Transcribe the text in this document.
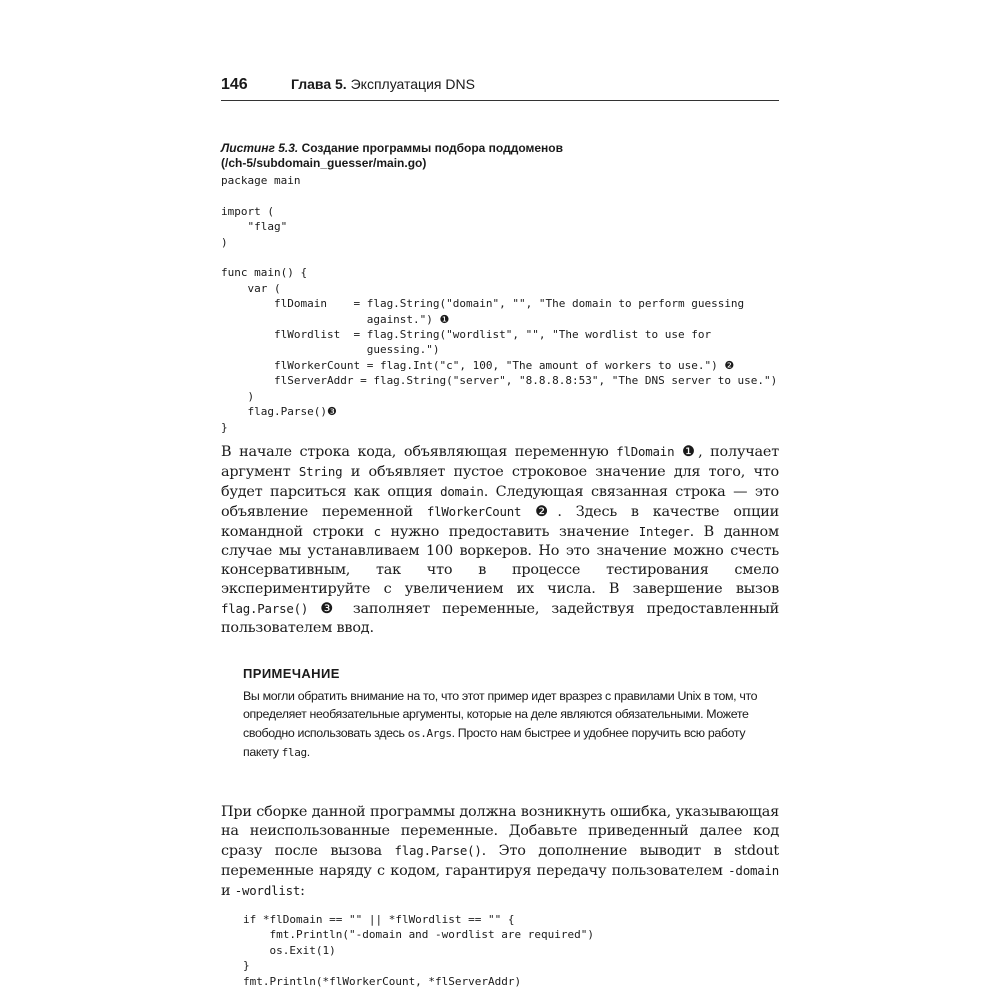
146	Глава 5. Эксплуатация DNS
Листинг 5.3. Создание программы подбора поддоменов
(/ch-5/subdomain_guesser/main.go)
package main

import (
"flag"
)

func main() {
var (
flDomain    = flag.String("domain", "", "The domain to perform guessing
against.") ❶
flWordlist  = flag.String("wordlist", "", "The wordlist to use for
guessing.")
flWorkerCount = flag.Int("c", 100, "The amount of workers to use.") ❷
flServerAddr = flag.String("server", "8.8.8.8:53", "The DNS server to use.")
)
flag.Parse()❸
}
В начале строка кода, объявляющая переменную flDomain ❶, получает аргумент String и объявляет пустое строковое значение для того, что будет парситься как опция domain. Следующая связанная строка — это объявление переменной flWorkerCount ❷. Здесь в качестве опции командной строки c нужно предоставить значение Integer. В данном случае мы устанавливаем 100 воркеров. Но это значение можно счесть консервативным, так что в процессе тестирования смело экспериментируйте с увеличением их числа. В завершение вызов flag.Parse() ❸ заполняет переменные, задействуя предоставленный пользователем ввод.
ПРИМЕЧАНИЕ
Вы могли обратить внимание на то, что этот пример идет вразрез с правилами Unix в том, что определяет необязательные аргументы, которые на деле являются обязательными. Можете свободно использовать здесь os.Args. Просто нам быстрее и удобнее поручить всю работу пакету flag.
При сборке данной программы должна возникнуть ошибка, указывающая на неиспользованные переменные. Добавьте приведенный далее код сразу после вызова flag.Parse(). Это дополнение выводит в stdout переменные наряду с кодом, гарантируя передачу пользователем -domain и -wordlist:
if *flDomain == "" || *flWordlist == "" {
fmt.Println("-domain and -wordlist are required")
os.Exit(1)
}
fmt.Println(*flWorkerCount, *flServerAddr)
